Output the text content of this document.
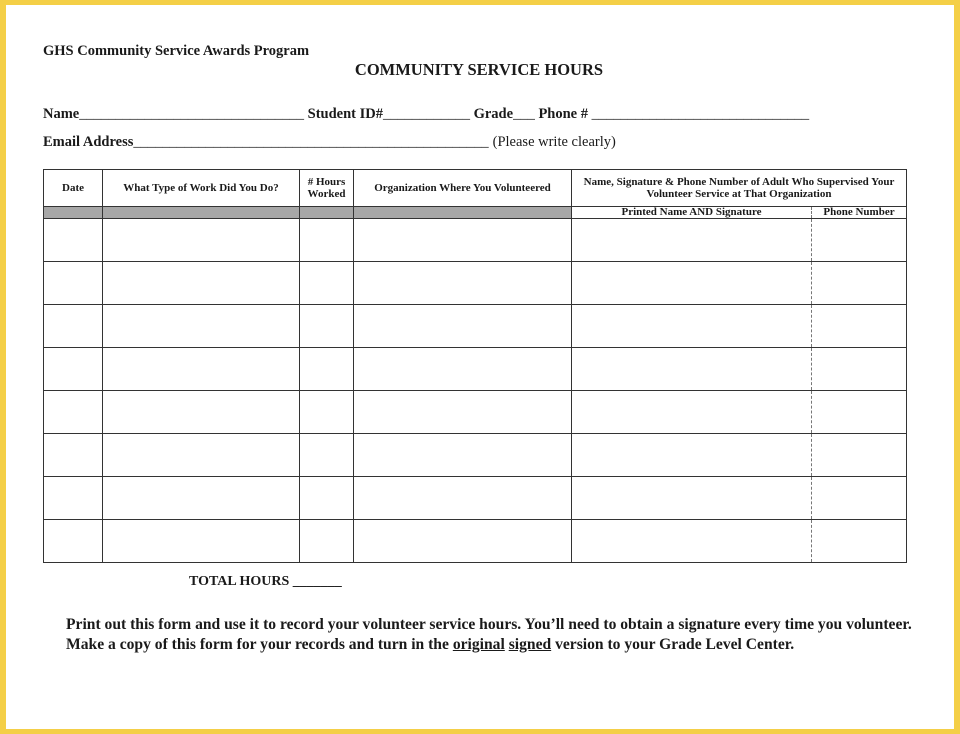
GHS Community Service Awards Program
COMMUNITY SERVICE HOURS
Name_______________________________ Student ID#____________ Grade___ Phone # ______________________________
Email Address_________________________________________________ (Please write clearly)
Date	What Type of Work Did You Do?	# Hours Worked	Organization Where You Volunteered	Name, Signature & Phone Number of Adult Who Supervised Your Volunteer Service at That Organization	
				Printed Name AND Signature	Phone Number

TOTAL HOURS _______
Print out this form and use it to record your volunteer service hours. You’ll need to obtain a signature every time you volunteer. Make a copy of this form for your records and turn in the original signed version to your Grade Level Center.
